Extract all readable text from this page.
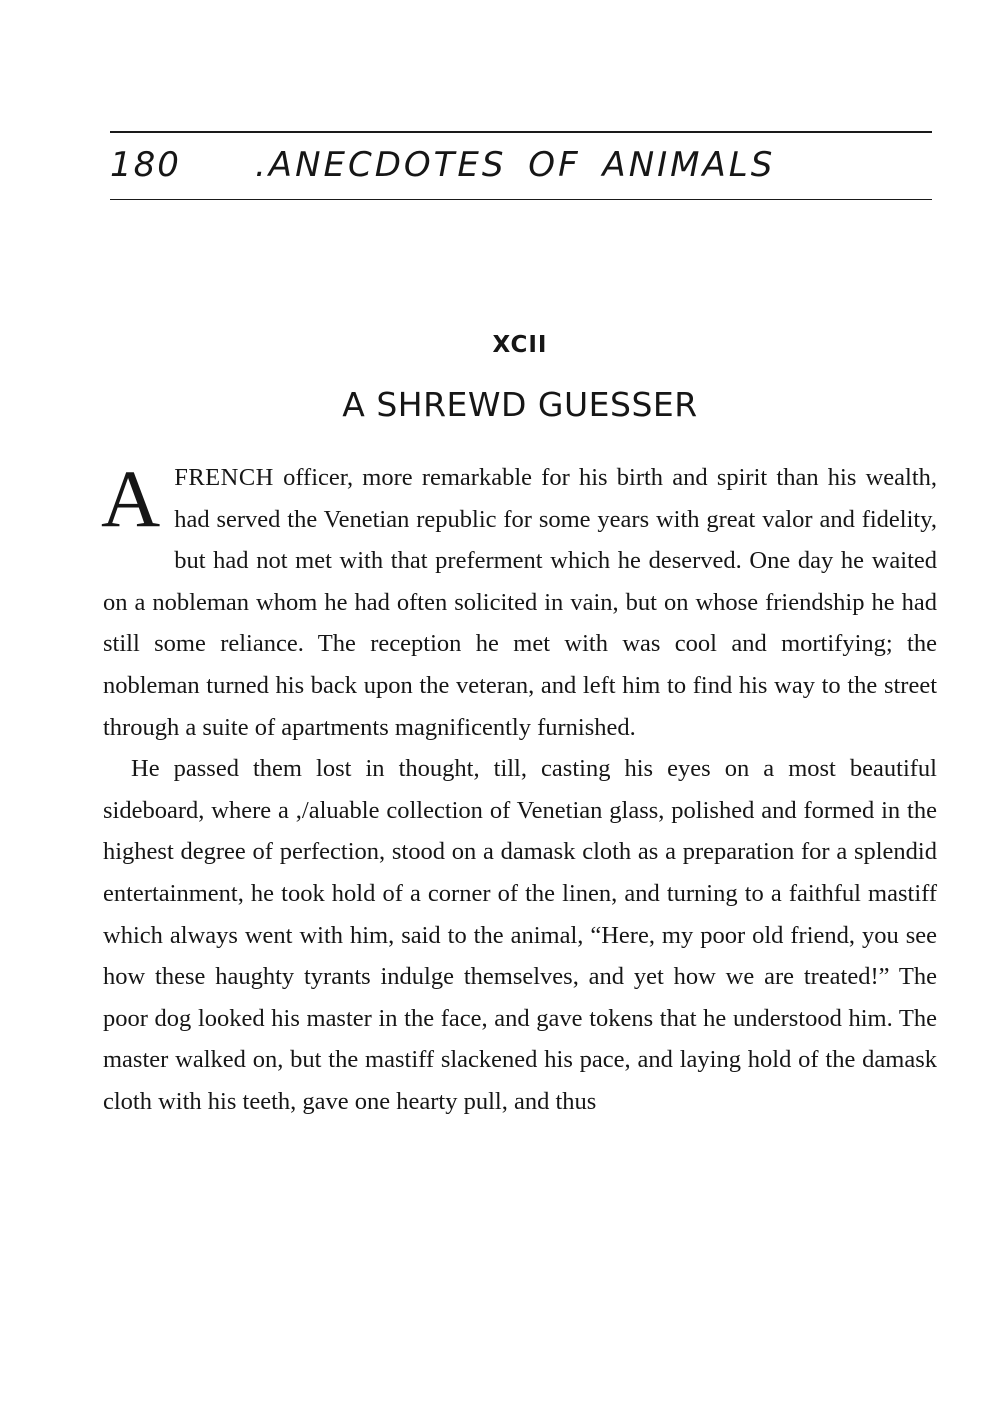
180 .ANECDOTES OF ANIMALS
XCII
A SHREWD GUESSER

AFRENCH officer, more remarkable for his birth and spirit than his wealth, had served the Venetian republic for some years with great valor and fidelity, but had not met with that preferment which he deserved. One day he waited on a nobleman whom he had often solicited in vain, but on whose friendship he had still some reliance. The reception he met with was cool and mortifying; the nobleman turned his back upon the veteran, and left him to find his way to the street through a suite of apartments magnificently furnished.

He passed them lost in thought, till, casting his eyes on a most beautiful sideboard, where a ,/aluable collection of Venetian glass, polished and formed in the highest degree of perfection, stood on a damask cloth as a preparation for a splendid entertainment, he took hold of a corner of the linen, and turning to a faithful mastiff which always went with him, said to the animal, “Here, my poor old friend, you see how these haughty tyrants indulge themselves, and yet how we are treated!” The poor dog looked his master in the face, and gave tokens that he understood him. The master walked on, but the mastiff slackened his pace, and laying hold of the damask cloth with his teeth, gave one hearty pull, and thus
